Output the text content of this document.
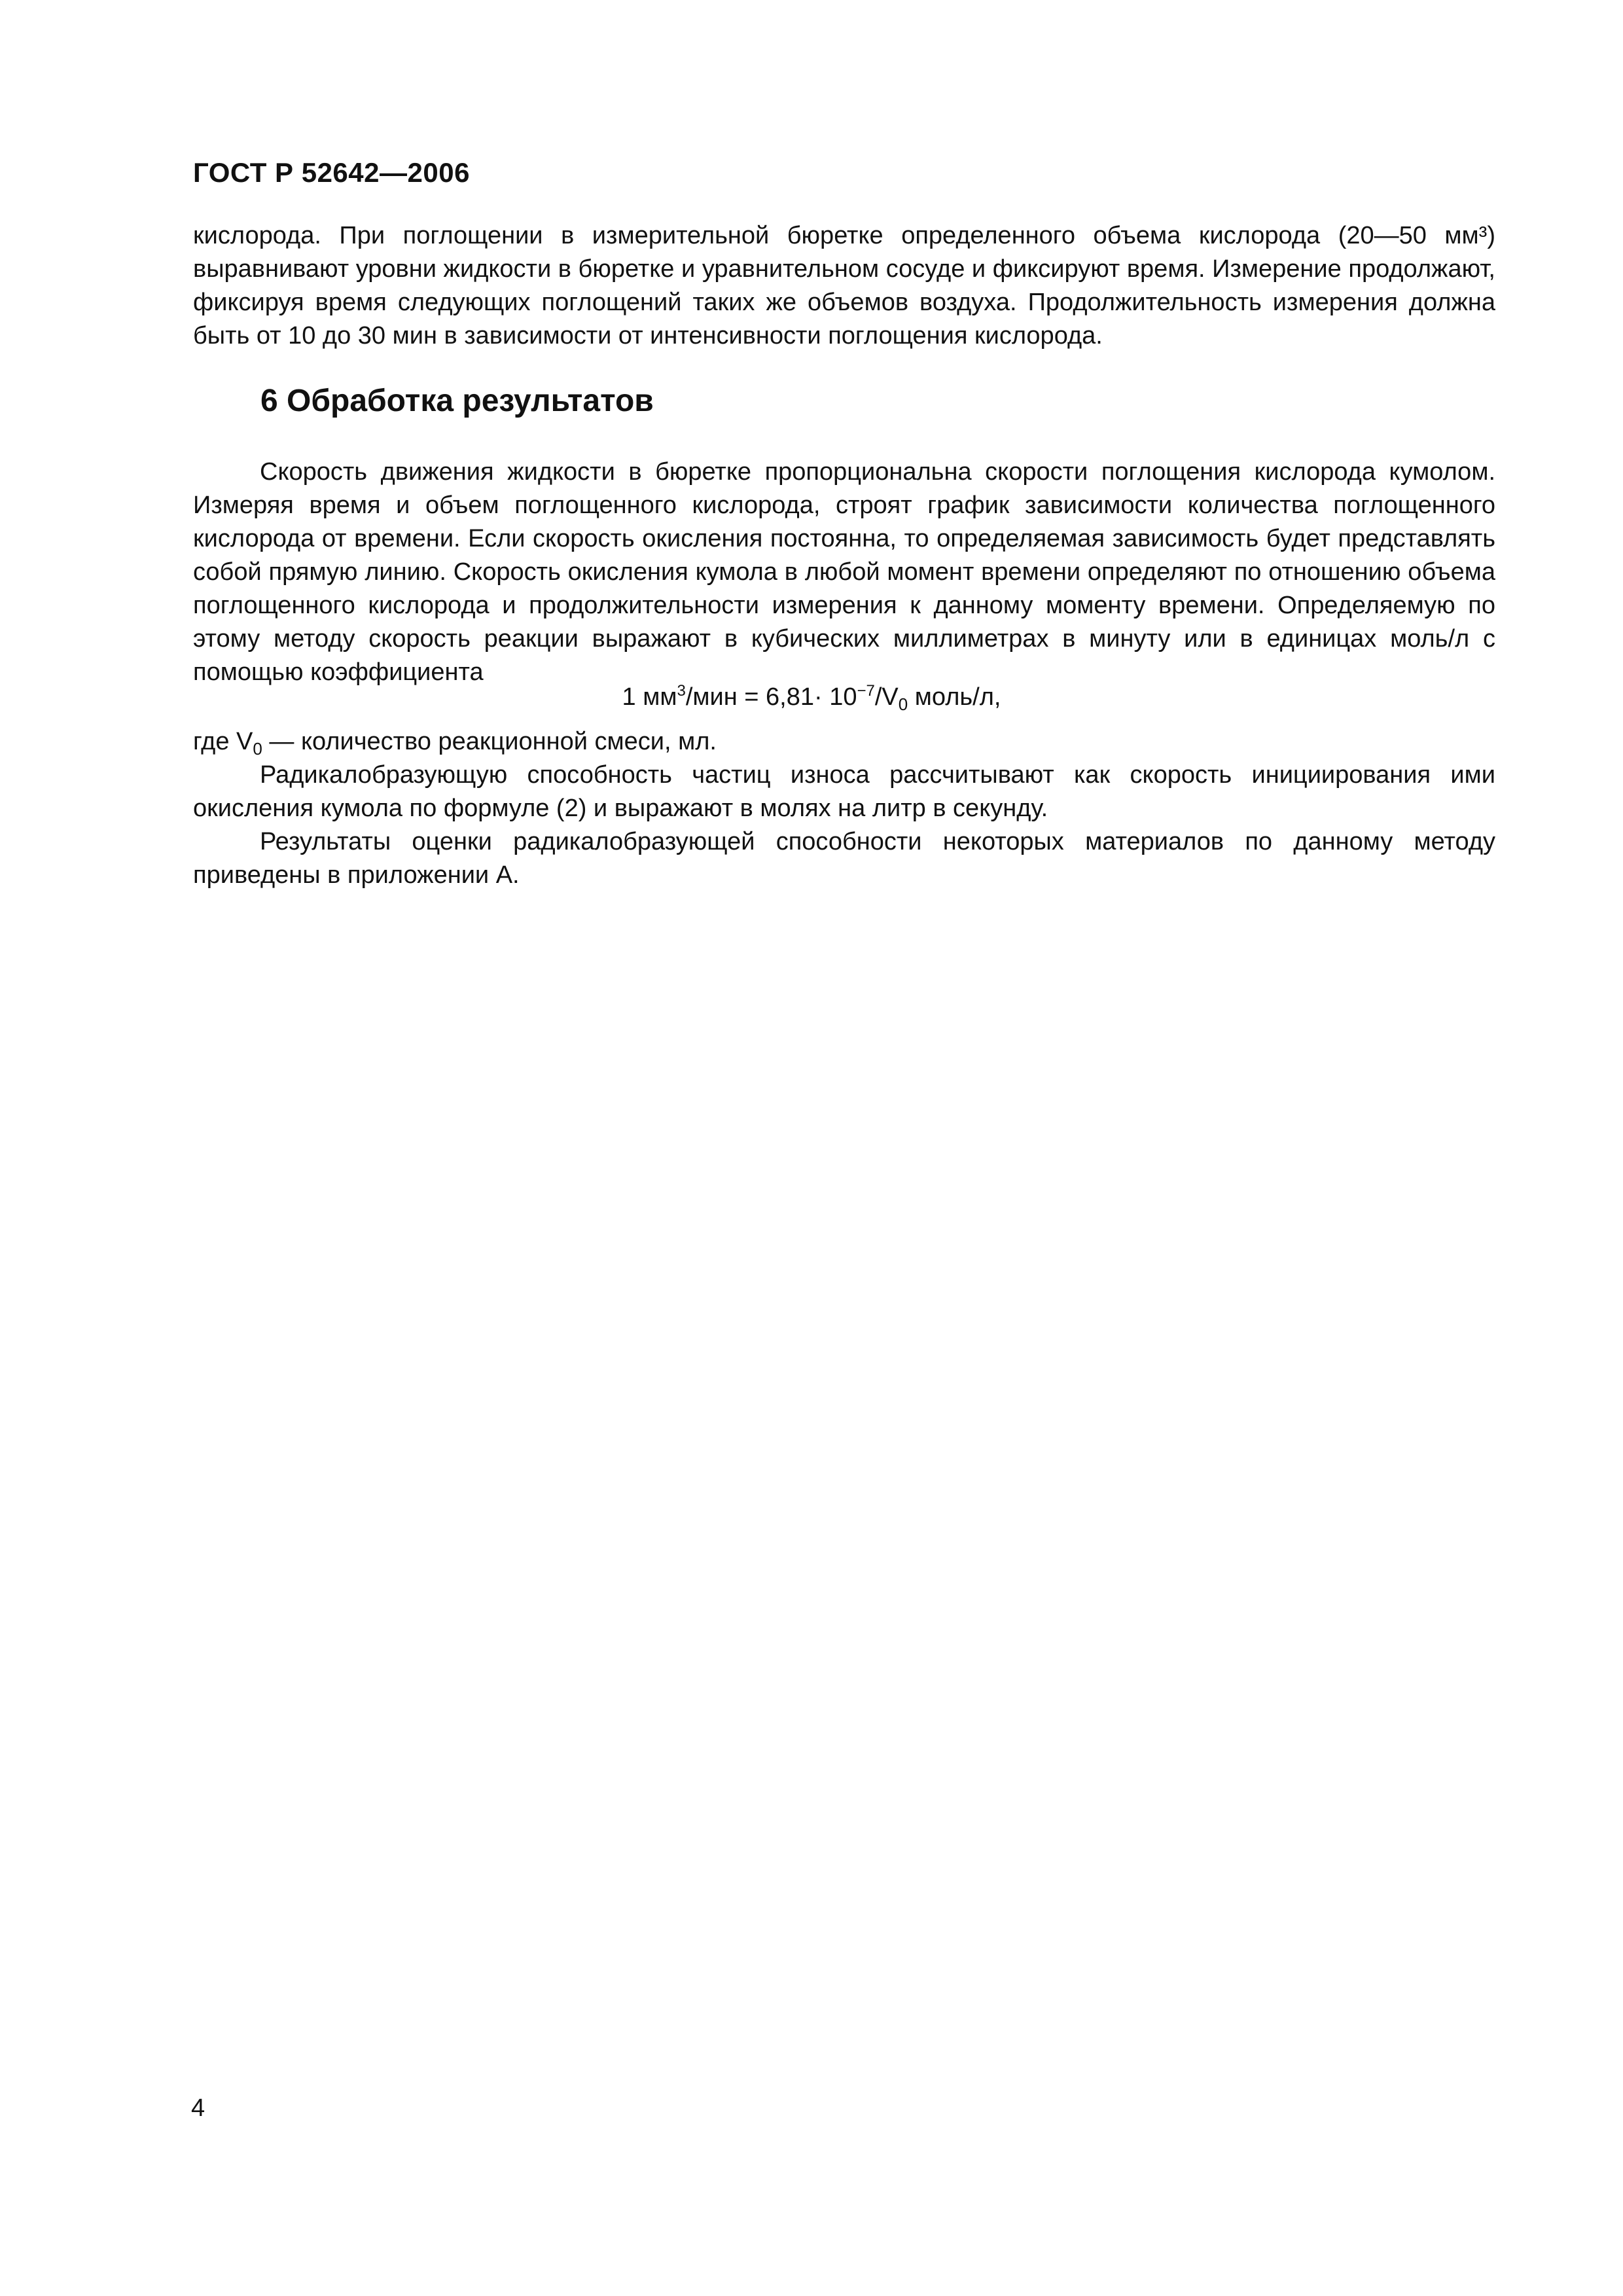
ГОСТ Р 52642—2006

кислорода. При поглощении в измерительной бюретке определенного объема кислорода (20—50 мм³) выравнивают уровни жидкости в бюретке и уравнительном сосуде и фиксируют время. Измерение продолжают, фиксируя время следующих поглощений таких же объемов воздуха. Продолжительность измерения должна быть от 10 до 30 мин в зависимости от интенсивности поглощения кислорода.

6 Обработка результатов

Скорость движения жидкости в бюретке пропорциональна скорости поглощения кислорода кумолом. Измеряя время и объем поглощенного кислорода, строят график зависимости количества поглощенного кислорода от времени. Если скорость окисления постоянна, то определяемая зависимость будет представлять собой прямую линию. Скорость окисления кумола в любой момент времени определяют по отношению объема поглощенного кислорода и продолжительности измерения к данному моменту времени. Определяемую по этому методу скорость реакции выражают в кубических миллиметрах в минуту или в единицах моль/л с помощью коэффициента

1 $мм^3$/мин = $6,81\cdot 10^{-7}/V_0$ моль/л,

где $V_0$ — количество реакционной смеси, мл.

Радикалобразующую способность частиц износа рассчитывают как скорость инициирования ими окисления кумола по формуле (2) и выражают в молях на литр в секунду.

Результаты оценки радикалобразующей способности некоторых материалов по данному методу приведены в приложении А.

4
